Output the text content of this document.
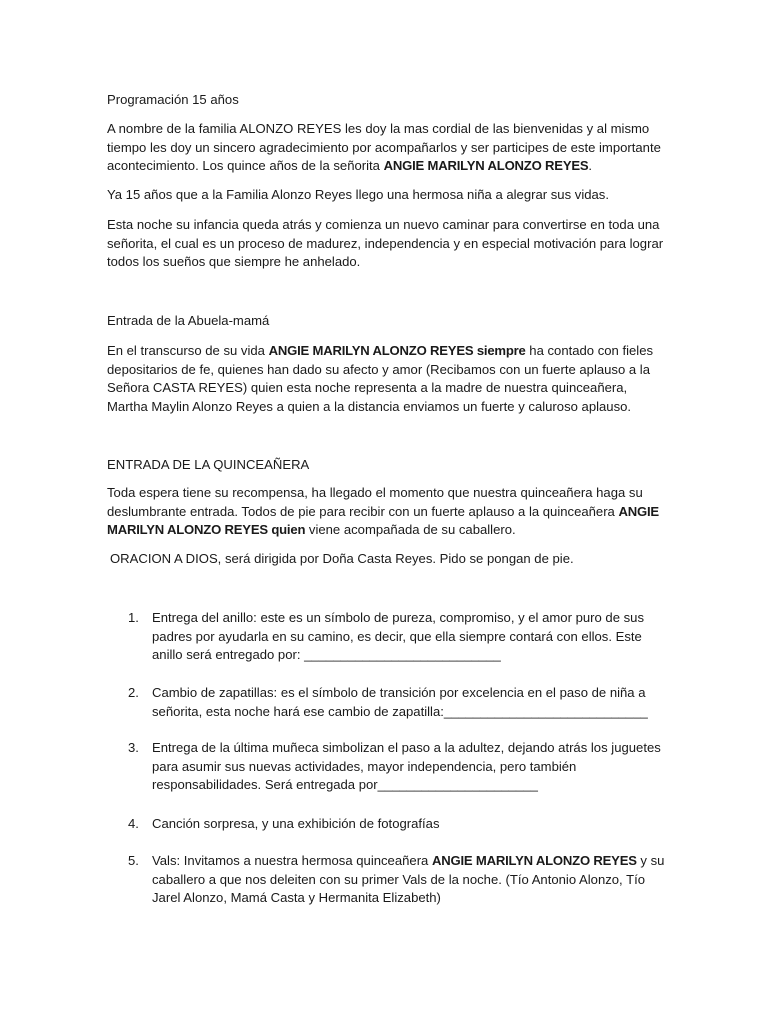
Programación 15 años

A nombre de la familia ALONZO REYES les doy la mas cordial de las bienvenidas y al mismo tiempo les doy un sincero agradecimiento por acompañarlos y ser participes de este importante acontecimiento. Los quince años de la señorita ANGIE MARILYN ALONZO REYES.

Ya 15 años que a la Familia Alonzo Reyes llego una hermosa niña a alegrar sus vidas.

Esta noche su infancia queda atrás y comienza un nuevo caminar para convertirse en toda una señorita, el cual es un proceso de madurez, independencia y en especial motivación para lograr todos los sueños que siempre he anhelado.

Entrada de la Abuela-mamá

En el transcurso de su vida ANGIE MARILYN ALONZO REYES siempre ha contado con fieles depositarios de fe, quienes han dado su afecto y amor (Recibamos con un fuerte aplauso a la Señora CASTA REYES) quien esta noche representa a la madre de nuestra quinceañera, Martha Maylin Alonzo Reyes a quien a la distancia enviamos un fuerte y caluroso aplauso.

ENTRADA DE LA QUINCEAÑERA

Toda espera tiene su recompensa, ha llegado el momento que nuestra quinceañera haga su deslumbrante entrada. Todos de pie para recibir con un fuerte aplauso a la quinceañera ANGIE MARILYN ALONZO REYES quien viene acompañada de su caballero.

ORACION A DIOS, será dirigida por Doña Casta Reyes. Pido se pongan de pie.

1. Entrega del anillo: este es un símbolo de pureza, compromiso, y el amor puro de sus padres por ayudarla en su camino, es decir, que ella siempre contará con ellos. Este anillo será entregado por: ___________________________
2. Cambio de zapatillas: es el símbolo de transición por excelencia en el paso de niña a señorita, esta noche hará ese cambio de zapatilla:____________________________
3. Entrega de la última muñeca simbolizan el paso a la adultez, dejando atrás los juguetes para asumir sus nuevas actividades, mayor independencia, pero también responsabilidades. Será entregada por______________________
4. Canción sorpresa, y una exhibición de fotografías
5. Vals: Invitamos a nuestra hermosa quinceañera ANGIE MARILYN ALONZO REYES y su caballero a que nos deleiten con su primer Vals de la noche. (Tío Antonio Alonzo, Tío Jarel Alonzo, Mamá Casta y Hermanita Elizabeth)
